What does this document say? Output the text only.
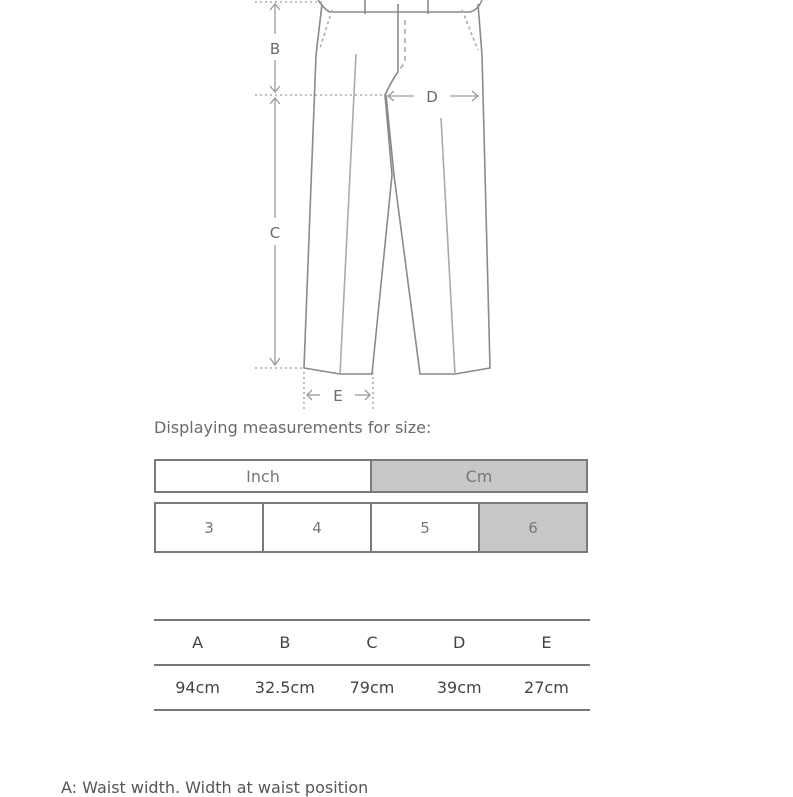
B
C
D
E
Displaying measurements for size:
Inch	Cm
3	4	5	6
A	B	C	D	E
94cm	32.5cm	79cm	39cm	27cm
A: Waist width. Width at waist position
